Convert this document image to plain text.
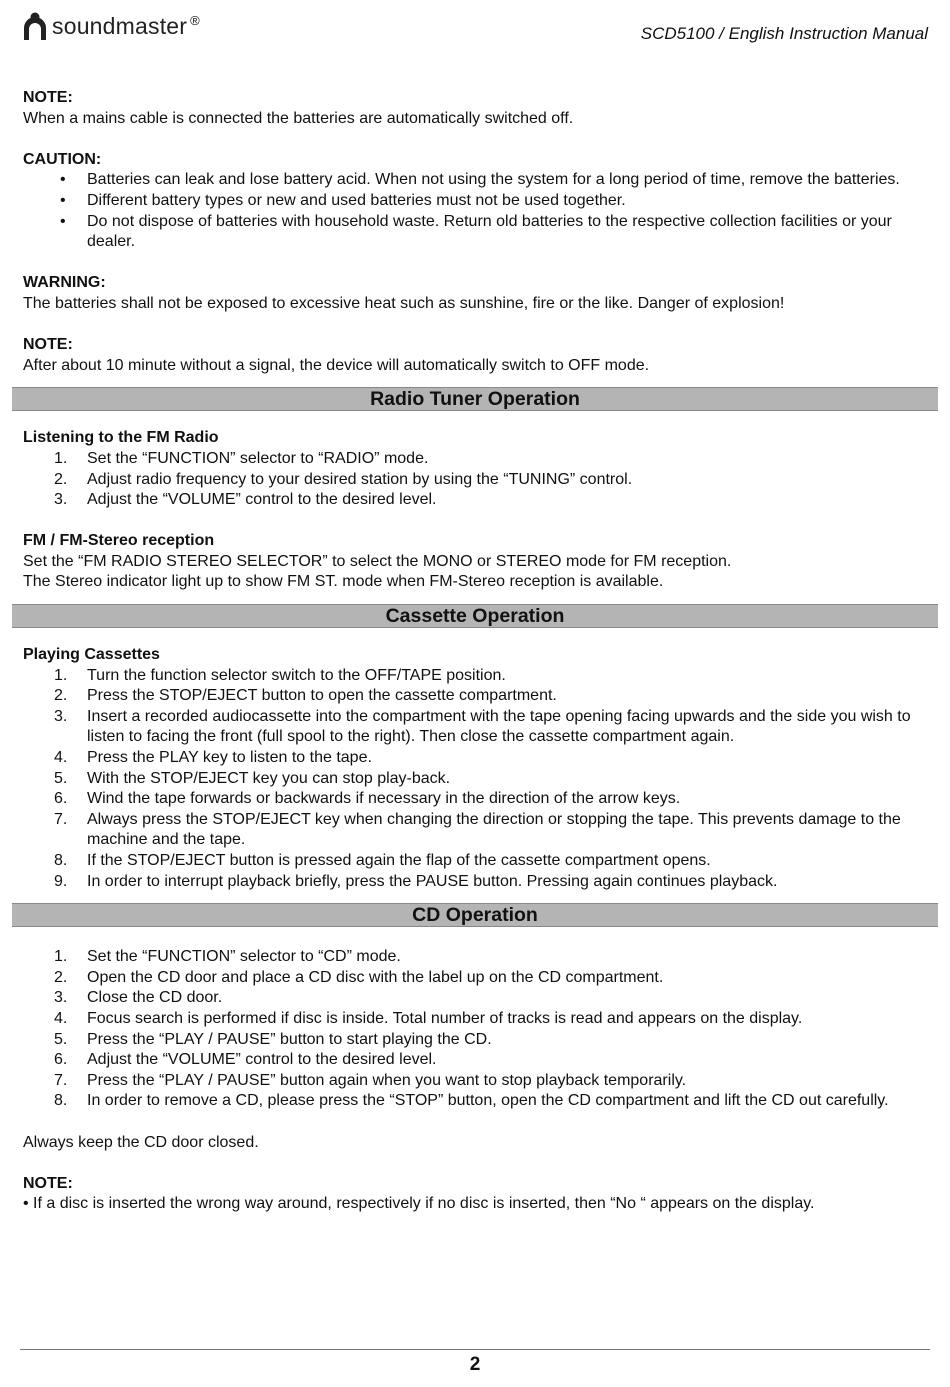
soundmaster ®
SCD5100 / English Instruction Manual
NOTE:
When a mains cable is connected the batteries are automatically switched off.
CAUTION:
• Batteries can leak and lose battery acid. When not using the system for a long period of time, remove the batteries.
• Different battery types or new and used batteries must not be used together.
• Do not dispose of batteries with household waste. Return old batteries to the respective collection facilities or your dealer.
WARNING:
The batteries shall not be exposed to excessive heat such as sunshine, fire or the like. Danger of explosion!
NOTE:
After about 10 minute without a signal, the device will automatically switch to OFF mode.
Radio Tuner Operation
Listening to the FM Radio
1. Set the “FUNCTION” selector to “RADIO” mode.
2. Adjust radio frequency to your desired station by using the “TUNING” control.
3. Adjust the “VOLUME” control to the desired level.
FM / FM-Stereo reception
Set the “FM RADIO STEREO SELECTOR” to select the MONO or STEREO mode for FM reception.
The Stereo indicator light up to show FM ST. mode when FM-Stereo reception is available.
Cassette Operation
Playing Cassettes
1. Turn the function selector switch to the OFF/TAPE position.
2. Press the STOP/EJECT button to open the cassette compartment.
3. Insert a recorded audiocassette into the compartment with the tape opening facing upwards and the side you wish to listen to facing the front (full spool to the right). Then close the cassette compartment again.
4. Press the PLAY key to listen to the tape.
5. With the STOP/EJECT key you can stop play-back.
6. Wind the tape forwards or backwards if necessary in the direction of the arrow keys.
7. Always press the STOP/EJECT key when changing the direction or stopping the tape. This prevents damage to the machine and the tape.
8. If the STOP/EJECT button is pressed again the flap of the cassette compartment opens.
9. In order to interrupt playback briefly, press the PAUSE button. Pressing again continues playback.
CD Operation
1. Set the “FUNCTION” selector to “CD” mode.
2. Open the CD door and place a CD disc with the label up on the CD compartment.
3. Close the CD door.
4. Focus search is performed if disc is inside. Total number of tracks is read and appears on the display.
5. Press the “PLAY / PAUSE” button to start playing the CD.
6. Adjust the “VOLUME” control to the desired level.
7. Press the “PLAY / PAUSE” button again when you want to stop playback temporarily.
8. In order to remove a CD, please press the “STOP” button, open the CD compartment and lift the CD out carefully.
Always keep the CD door closed.
NOTE:
• If a disc is inserted the wrong way around, respectively if no disc is inserted, then “No “ appears on the display.
2
